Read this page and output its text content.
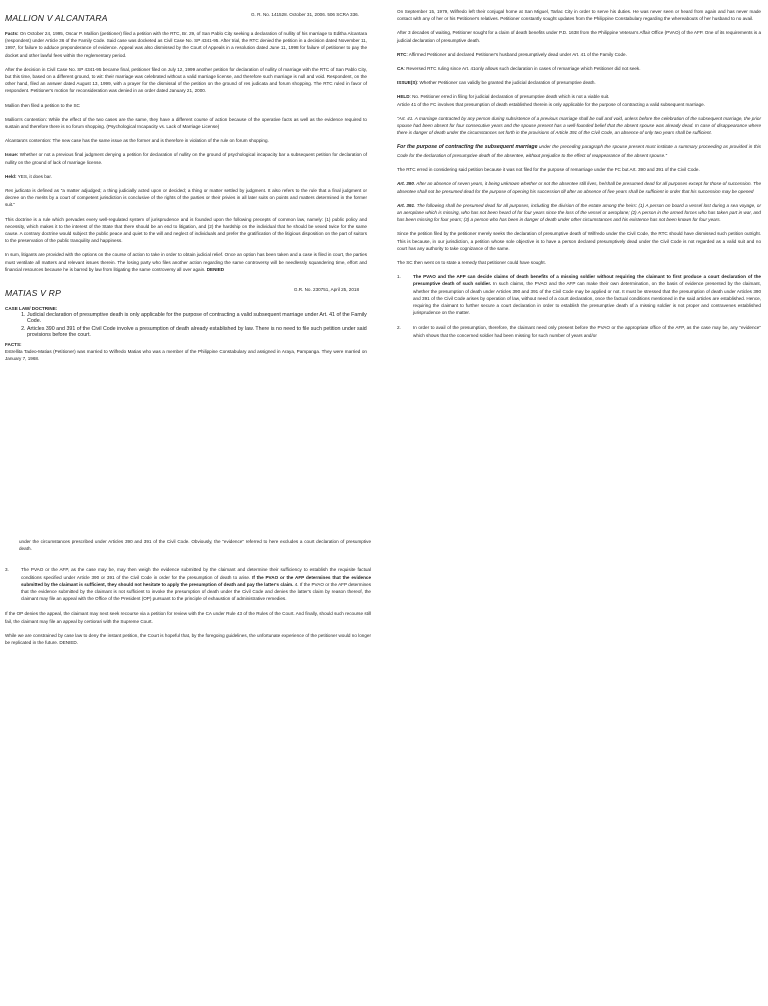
MALLION V ALCANTARA	G. R. No. 141528. October 31, 2006. 506 SCRA 336.

Facts: On October 24, 1995, Oscar P. Mallion (petitioner) filed a petition with the RTC, Br. 29, of San Pablo City seeking a declaration of nullity of his marriage to Editha Alcantara (respondent) under Article 36 of the Family Code. Said case was docketed as Civil Case No. SP 4341-95. After trial, the RTC denied the petition in a decision dated November 11, 1997, for failure to adduce preponderance of evidence. Appeal was also dismissed by the Court of Appeals in a resolution dated June 11, 1998 for failure of petitioner to pay the docket and other lawful fees within the reglementary period.

After the decision in Civil Case No. SP 4341-95 became final, petitioner filed on July 12, 1999 another petition for declaration of nullity of marriage with the RTC of San Pablo City, but this time, based on a different ground, to wit: their marriage was celebrated without a valid marriage license, and therefore such marriage is null and void. Respondent, on the other hand, filed an answer dated August 13, 1999, with a prayer for the dismissal of the petition on the ground of res judicata and forum shopping. The RTC ruled in favor of respondent. Petitioner's motion for reconsideration was denied in an order dated January 21, 2000.

Mallion then filed a petition to the SC

Mallion's contention: While the effect of the two cases are the same, they have a different course of action because of the operative facts as well as the evidence required to sustain and therefore there is no forum shopping. (Psychological Incapacity vs. Lack of Marriage License)

Alcantara's contention: The new case has the same issue as the former and is therefore in violation of the rule on forum shopping.

Issue: Whether or not a previous final judgment denying a petition for declaration of nullity on the ground of psychological incapacity bar a subsequent petition for declaration of nullity on the ground of lack of marriage license.

Held: YES, it does bar.

Res judicata is defined as "a matter adjudged; a thing judicially acted upon or decided; a thing or matter settled by judgment. It also refers to the rule that a final judgment or decree on the merits by a court of competent jurisdiction is conclusive of the rights of the parties or their privies in all later suits on points and matters determined in the former suit."

This doctrine is a rule which pervades every well-regulated system of jurisprudence and is founded upon the following precepts of common law, namely: (1) public policy and necessity, which makes it to the interest of the State that there should be an end to litigation, and (2) the hardship on the individual that he should be vexed twice for the same cause. A contrary doctrine would subject the public peace and quiet to the will and neglect of individuals and prefer the gratification of the litigious disposition on the part of suitors to the preservation of the public tranquility and happiness.

In sum, litigants are provided with the options on the course of action to take in order to obtain judicial relief. Once an option has been taken and a case is filed in court, the parties must ventilate all matters and relevant issues therein. The losing party who files another action regarding the same controversy will be needlessly squandering time, effort and financial resources because he is barred by law from litigating the same controversy all over again. DENIED

MATIAS V RP	G.R. No. 230751, April 25, 2018
CASE LAW/ DOCTRINE:
1. Judicial declaration of presumptive death is only applicable for the purpose of contracting a valid subsequent marriage under Art. 41 of the Family Code.
2. Articles 390 and 391 of the Civil Code involve a presumption of death already established by law. There is no need to file such petition under said provisions before the court.
FACTS:

Estrellita Tadeo-Matias (Petitioner) was married to Wilfredo Matias who was a member of the Philippine Constabulary and assigned in Araya, Pampanga. They were married on January 7, 1968.

On September 15, 1979, Wilfredo left their conjugal home at San Miguel, Tarlac City in order to serve his duties. He was never seen or heard from again and has never made contact with any of her or his Petitioner's relatives. Petitioner constantly sought updates from the Philippine Constabulary regarding the whereabouts of her husband to no avail.

After 3 decades of waiting, Petitioner sought for a claim of death benefits under P.D. 1638 from the Philippine Veteran's Affair Office (PVAO) of the AFP. One of its requirements is a judicial declaration of presumptive death.

RTC: Affirmed Petitioner and declared Petitioner's husband presumptively dead under Art. 41 of the Family Code.

CA: Reversed RTC ruling since Art. 41only allows such declaration in cases of remarriage which Petitioner did not seek.

ISSUE(S): Whether Petitioner can validly be granted the judicial declaration of presumptive death.

HELD: No. Petitioner erred in filing for judicial declaration of presumptive death which is not a viable suit.
Article 41 of the FC involves that presumption of death established therein is only applicable for the purpose of contracting a valid subsequent marriage.

"Art. 41. A marriage contracted by any person during subsistence of a previous marriage shall be null and void, unless before the celebration of the subsequent marriage, the prior spouse had been absent for four consecutive years and the spouse present has a well-founded belief that the absent spouse was already dead. In case of disappearance where there is danger of death under the circumstances set forth in the provisions of Article 391 of the Civil Code, an absence of only two years shall be sufficient.

For the purpose of contracting the subsequent marriage under the preceding paragraph the spouse present must institute a summary proceeding as provided in this Code for the declaration of presumptive death of the absentee, without prejudice to the effect of reappearance of the absent spouse."

The RTC erred in considering said petition because it was not filed for the purpose of remarriage under the FC but Art. 390 and 391 of the Civil Code.

Art. 390. After an absence of seven years, it being unknown whether or not the absentee still lives, he/shall be presumed dead for all purposes except for those of succession. The absentee shall not be presumed dead for the purpose of opening his succession till after an absence of five years shall be sufficient in order that his succession may be opened

Art. 391. The following shall be presumed dead for all purposes, including the division of the estate among the heirs: (1) A person on board a vessel lost during a sea voyage, or an aeroplane which is missing, who has not been heard of for four years since the loss of the vessel or aeroplane; (2) A person in the armed forces who has taken part in war, and has been missing for four years; (3) a person who has been in danger of death under other circumstances and his existence has not been known for four years.

Since the petition filed by the petitioner merely seeks the declaration of presumptive death of Wilfredo under the Civil Code, the RTC should have dismissed such petition outright. This is because, in our jurisdiction, a petition whose sole objective is to have a person declared presumptively dead under the Civil Code is not regarded as a valid suit and no court has any authority to take cognizance of the same.

The SC then went on to state a remedy that petitioner could have sought.

1.	The PVAO and the AFP can decide claims of death benefits of a missing soldier without requiring the claimant to first produce a court declaration of the presumptive death of such soldier. In such claims, the PVAO and the AFP can make their own determination, on the basis of evidence presented by the claimant, whether the presumption of death under Articles 390 and 391 of the Civil Code may be applied or not. It must be stressed that the presumption of death under Articles 390 and 391 of the Civil Code arises by operation of law, without need of a court declaration, once the factual conditions mentioned in the said articles are established. Hence, requiring the claimant to further secure a court declaration in order to establish the presumptive death of a missing soldier is not proper and contravenes established jurisprudence on the matter.

2.	In order to avail of the presumption, therefore, the claimant need only present before the PVAO or the appropriate office of the AFP, as the case may be, any "evidence" which shows that the concerned soldier had been missing for such number of years and/or

under the circumstances prescribed under Articles 390 and 391 of the Civil Code. Obviously, the "evidence" referred to here excludes a court declaration of presumptive death.

3.	The PVAO or the AFP, as the case may be, may then weigh the evidence submitted by the claimant and determine their sufficiency to establish the requisite factual conditions specified under Article 390 or 391 of the Civil Code in order for the presumption of death to arise. If the PVAO or the AFP determines that the evidence submitted by the claimant is sufficient, they should not hesitate to apply the presumption of death and pay the latter's claim. 4. If the PVAO or the AFP determines that the evidence submitted by the claimant is not sufficient to invoke the presumption of death under the Civil Code and denies the latter's claim by reason thereof, the claimant may file an appeal with the Office of the President (OP) pursuant to the principle of exhaustion of administrative remedies.

If the OP denies the appeal, the claimant may next seek recourse via a petition for review with the CA under Rule 43 of the Rules of the Court. And finally, should such recourse still fail, the claimant may file an appeal by certiorari with the Supreme Court.

While we are constrained by case law to deny the instant petition, the Court is hopeful that, by the foregoing guidelines, the unfortunate experience of the petitioner would no longer be replicated in the future. DENIED.
